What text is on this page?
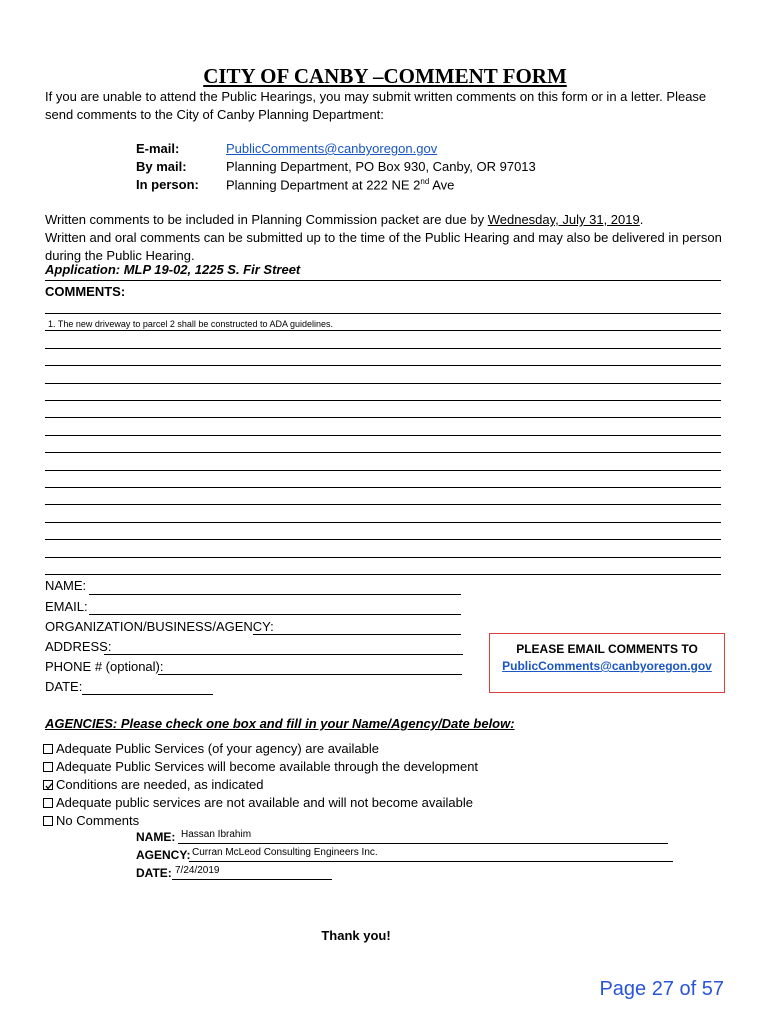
CITY OF CANBY –COMMENT FORM
If you are unable to attend the Public Hearings, you may submit written comments on this form or in a letter. Please send comments to the City of Canby Planning Department:
E-mail:	PublicComments@canbyoregon.gov
By mail:	Planning Department, PO Box 930, Canby, OR 97013
In person: Planning Department at 222 NE 2nd Ave
Written comments to be included in Planning Commission packet are due by Wednesday, July 31, 2019.
Written and oral comments can be submitted up to the time of the Public Hearing and may also be delivered in person during the Public Hearing.
Application: MLP 19-02, 1225 S. Fir Street
COMMENTS:
1. The new driveway to parcel 2 shall be constructed to ADA guidelines.
NAME:
EMAIL:
ORGANIZATION/BUSINESS/AGENCY:
ADDRESS:
PHONE # (optional):
DATE:
PLEASE EMAIL COMMENTS TO
PublicComments@canbyoregon.gov
AGENCIES: Please check one box and fill in your Name/Agency/Date below:
Adequate Public Services (of your agency) are available
Adequate Public Services will become available through the development
Conditions are needed, as indicated
Adequate public services are not available and will not become available
No Comments
NAME: Hassan Ibrahim
AGENCY: Curran McLeod Consulting Engineers Inc.
DATE: 7/24/2019
Thank you!
Page 27 of 57
